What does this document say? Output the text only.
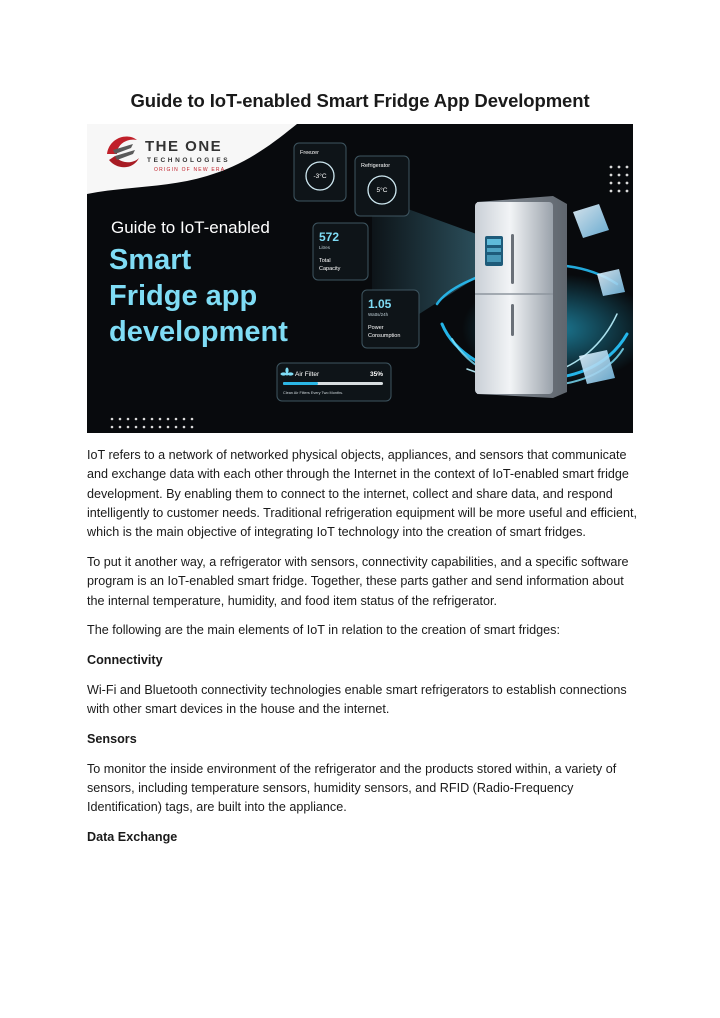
Guide to IoT-enabled Smart Fridge App Development
THE ONE
TECHNOLOGIES
ORIGIN OF NEW ERA
Guide to IoT-enabled
Smart
Fridge app
development
Freezer
-3°C
Refrigerator
5°C
572
Litres
Total
Capacity
1.05
Watts/24h
Power
Consumption
Air Filter	35%
Clean Air Filters Every Two Months.

IoT refers to a network of networked physical objects, appliances, and sensors that communicate and exchange data with each other through the Internet in the context of IoT-enabled smart fridge development. By enabling them to connect to the internet, collect and share data, and respond intelligently to customer needs. Traditional refrigeration equipment will be more useful and efficient, which is the main objective of integrating IoT technology into the creation of smart fridges.

To put it another way, a refrigerator with sensors, connectivity capabilities, and a specific software program is an IoT-enabled smart fridge. Together, these parts gather and send information about the internal temperature, humidity, and food item status of the refrigerator.

The following are the main elements of IoT in relation to the creation of smart fridges:

Connectivity

Wi-Fi and Bluetooth connectivity technologies enable smart refrigerators to establish connections with other smart devices in the house and the internet.

Sensors

To monitor the inside environment of the refrigerator and the products stored within, a variety of sensors, including temperature sensors, humidity sensors, and RFID (Radio-Frequency Identification) tags, are built into the appliance.

Data Exchange
